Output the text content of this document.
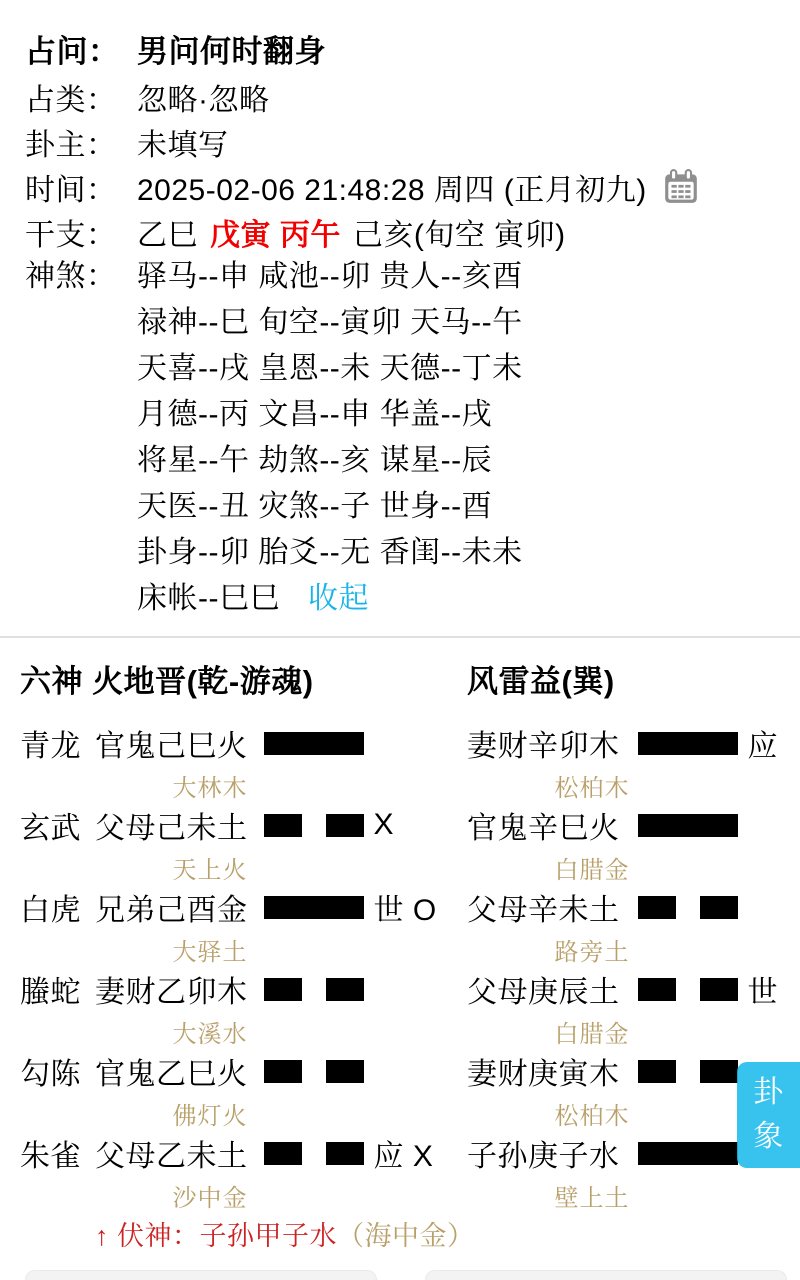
占问： 男问何时翻身
占类： 忽略·忽略
卦主： 未填写
时间： 2025-02-06 21:48:28 周四 (正月初九)
干支： 乙巳 戊寅 丙午 己亥(旬空 寅卯)
神煞： 驿马--申 咸池--卯 贵人--亥酉
禄神--巳 旬空--寅卯 天马--午
天喜--戌 皇恩--未 天德--丁未
月德--丙 文昌--申 华盖--戌
将星--午 劫煞--亥 谋星--辰
天医--丑 灾煞--子 世身--酉
卦身--卯 胎爻--无 香闺--未未
床帐--巳巳 收起
六神 火地晋(乾-游魂)
青龙 官鬼己巳火
大林木
玄武 父母己未土	X
天上火
白虎 兄弟己酉金	世 O
大驿土
螣蛇 妻财乙卯木
大溪水
勾陈 官鬼乙巳火
佛灯火
朱雀 父母乙未土	应 X
沙中金
↑ 伏神：子孙甲子水（海中金）
风雷益(巽)
妻财辛卯木	应
松柏木
官鬼辛巳火
白腊金
父母辛未土
路旁土
父母庚辰土	世
白腊金
妻财庚寅木
松柏木
子孙庚子水
壁上土
卦
象
